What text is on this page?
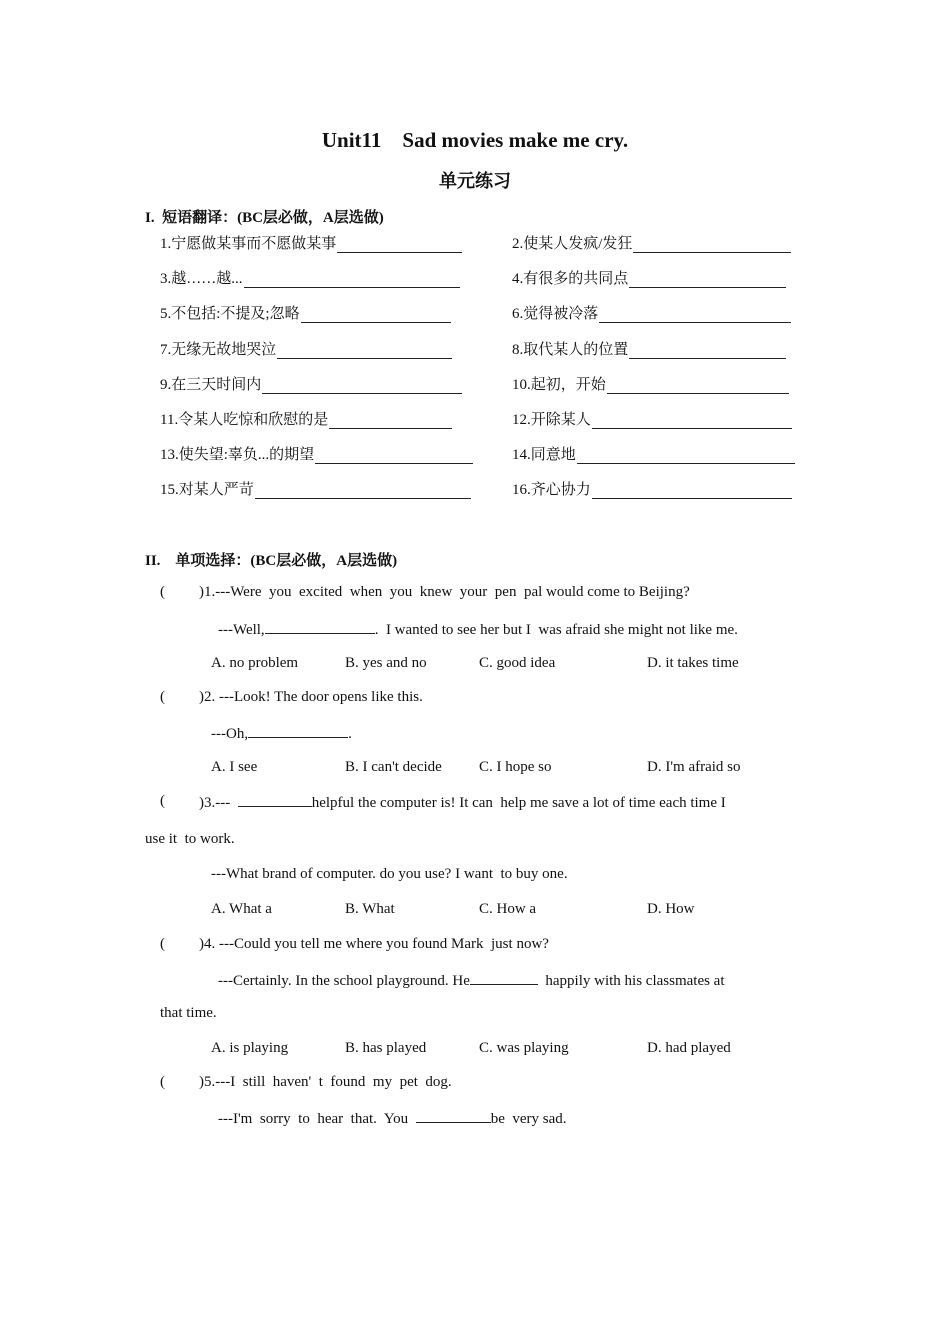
Unit11    Sad movies make me cry.
单元练习
I.  短语翻译：(BC层必做，A层选做)
1.宁愿做某事而不愿做某事	2.使某人发疯/发狂
3.越……越...	4.有很多的共同点
5.不包括:不提及;忽略	6.觉得被冷落
7.无缘无故地哭泣	8.取代某人的位置
9.在三天时间内	10.起初，开始
11.令某人吃惊和欣慰的是	12.开除某人
13.使失望:辜负...的期望	14.同意地
15.对某人严苛	16.齐心协力
II.    单项选择：(BC层必做，A层选做)
( )1.---Were  you  excited  when  you  knew  your  pen  pal would come to Beijing?
---Well,	.  I wanted to see her but I  was afraid she might not like me.
A. no problem	B. yes and no	C. good idea	D. it takes time
( )2. ---Look! The door opens like this.
---Oh,	.
A. I see	B. I can't decide C. I hope so	D. I'm afraid so
( )3.---	helpful the computer is! It can  help me save a lot of time each time I
use it  to work.
---What brand of computer. do you use? I want  to buy one.
A. What a	B. What	C. How a	D. How
( )4. ---Could you tell me where you found Mark  just now?
---Certainly. In the school playground. He	happily with his classmates at
that time.
A. is playing	B. has played	C. was playing	D. had played
( )5.---I  still  haven'  t  found  my  pet  dog.
---I'm  sorry  to  hear  that.  You	be  very sad.
